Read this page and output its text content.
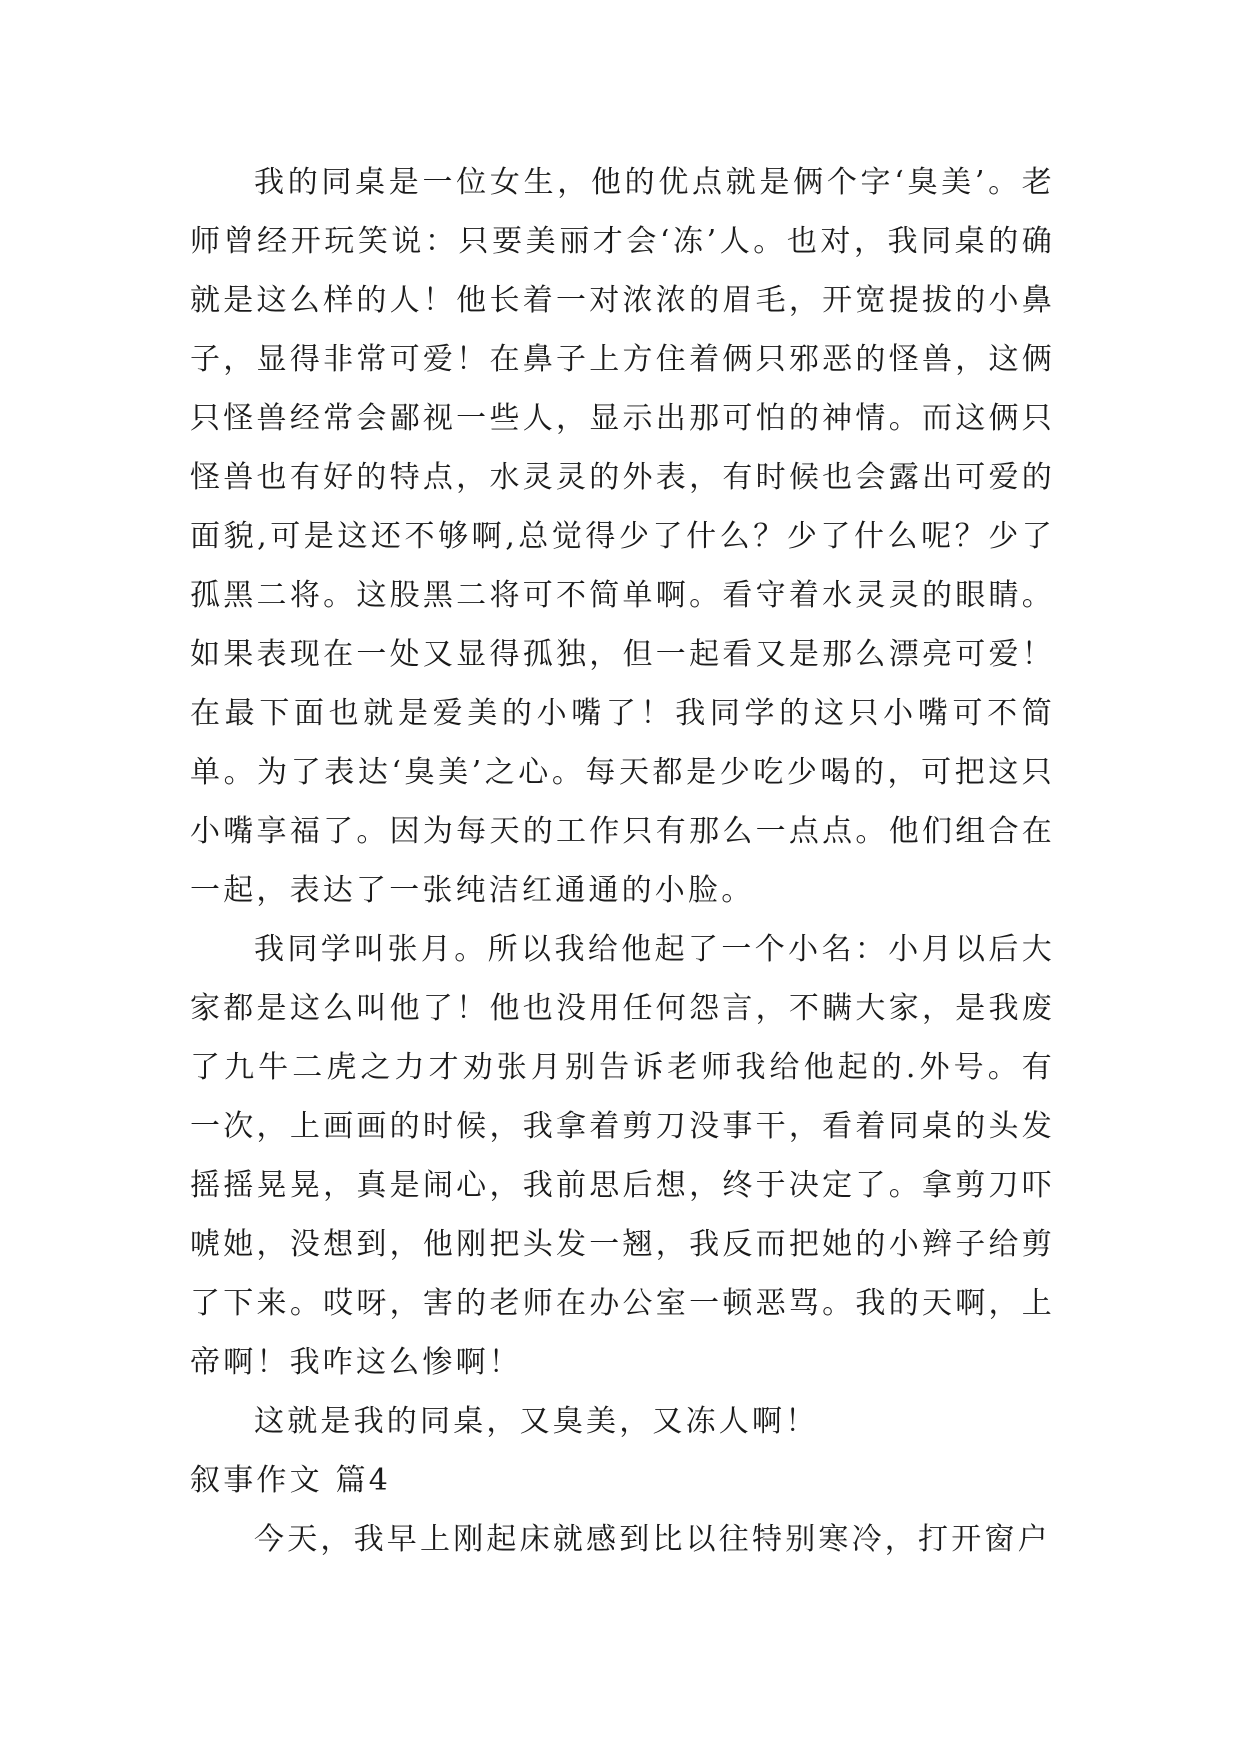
我的同桌是一位女生，他的优点就是俩个字‘臭美’。老师曾经开玩笑说：只要美丽才会‘冻’人。也对，我同桌的确就是这么样的人！他长着一对浓浓的眉毛，开宽提拔的小鼻子，显得非常可爱！在鼻子上方住着俩只邪恶的怪兽，这俩只怪兽经常会鄙视一些人，显示出那可怕的神情。而这俩只怪兽也有好的特点，水灵灵的外表，有时候也会露出可爱的面貌,可是这还不够啊,总觉得少了什么？少了什么呢？少了孤黑二将。这股黑二将可不简单啊。看守着水灵灵的眼睛。如果表现在一处又显得孤独，但一起看又是那么漂亮可爱！在最下面也就是爱美的小嘴了！我同学的这只小嘴可不简单。为了表达‘臭美’之心。每天都是少吃少喝的，可把这只小嘴享福了。因为每天的工作只有那么一点点。他们组合在一起，表达了一张纯洁红通通的小脸。

我同学叫张月。所以我给他起了一个小名：小月以后大家都是这么叫他了！他也没用任何怨言，不瞒大家，是我废了九牛二虎之力才劝张月别告诉老师我给他起的.外号。有一次，上画画的时候，我拿着剪刀没事干，看着同桌的头发摇摇晃晃，真是闹心，我前思后想，终于决定了。拿剪刀吓唬她，没想到，他刚把头发一翘，我反而把她的小辫子给剪了下来。哎呀，害的老师在办公室一顿恶骂。我的天啊，上帝啊！我咋这么惨啊！

这就是我的同桌，又臭美，又冻人啊！

叙事作文 篇4

今天，我早上刚起床就感到比以往特别寒冷，打开窗户
